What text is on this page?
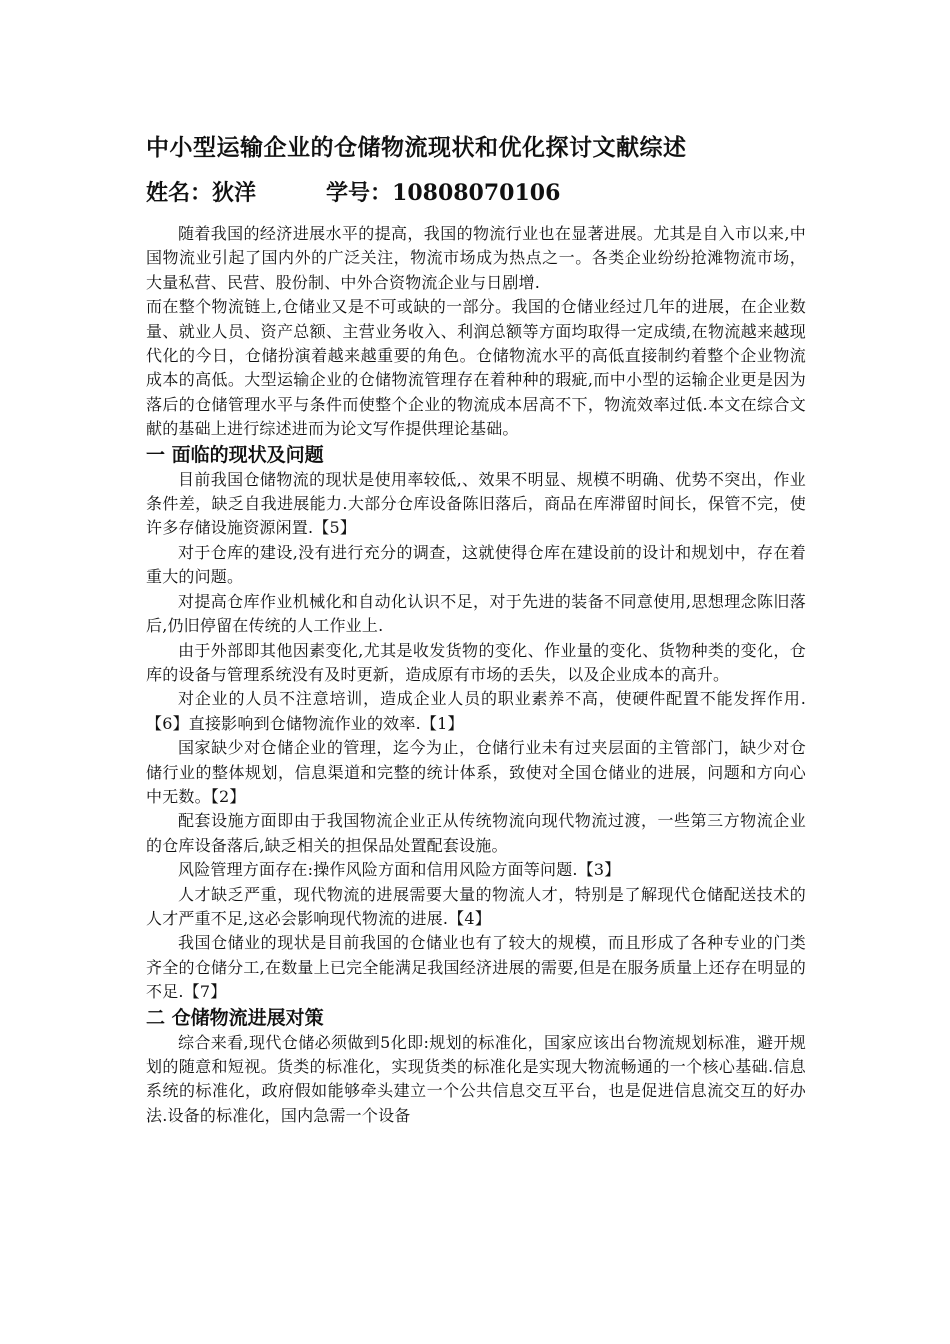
中小型运输企业的仓储物流现状和优化探讨文献综述
姓名：狄洋	学号：10808070106

随着我国的经济进展水平的提高，我国的物流行业也在显著进展。尤其是自入市以来,中国物流业引起了国内外的广泛关注，物流市场成为热点之一。各类企业纷纷抢滩物流市场，大量私营、民营、股份制、中外合资物流企业与日剧增.

而在整个物流链上,仓储业又是不可或缺的一部分。我国的仓储业经过几年的进展，在企业数量、就业人员、资产总额、主营业务收入、利润总额等方面均取得一定成绩,在物流越来越现代化的今日，仓储扮演着越来越重要的角色。仓储物流水平的高低直接制约着整个企业物流成本的高低。大型运输企业的仓储物流管理存在着种种的瑕疵,而中小型的运输企业更是因为落后的仓储管理水平与条件而使整个企业的物流成本居高不下，物流效率过低.本文在综合文献的基础上进行综述进而为论文写作提供理论基础。

一 面临的现状及问题

目前我国仓储物流的现状是使用率较低,、效果不明显、规模不明确、优势不突出，作业条件差，缺乏自我进展能力.大部分仓库设备陈旧落后，商品在库滞留时间长，保管不完，使许多存储设施资源闲置.【5】

对于仓库的建设,没有进行充分的调查，这就使得仓库在建设前的设计和规划中，存在着重大的问题。

对提高仓库作业机械化和自动化认识不足，对于先进的装备不同意使用,思想理念陈旧落后,仍旧停留在传统的人工作业上.

由于外部即其他因素变化,尤其是收发货物的变化、作业量的变化、货物种类的变化，仓库的设备与管理系统没有及时更新，造成原有市场的丢失，以及企业成本的高升。

对企业的人员不注意培训，造成企业人员的职业素养不高，使硬件配置不能发挥作用.【6】直接影响到仓储物流作业的效率.【1】

国家缺少对仓储企业的管理，迄今为止，仓储行业未有过夹层面的主管部门，缺少对仓储行业的整体规划，信息渠道和完整的统计体系，致使对全国仓储业的进展，问题和方向心中无数。【2】

配套设施方面即由于我国物流企业正从传统物流向现代物流过渡，一些第三方物流企业的仓库设备落后,缺乏相关的担保品处置配套设施。

风险管理方面存在:操作风险方面和信用风险方面等问题.【3】

人才缺乏严重，现代物流的进展需要大量的物流人才，特别是了解现代仓储配送技术的人才严重不足,这必会影响现代物流的进展.【4】

我国仓储业的现状是目前我国的仓储业也有了较大的规模，而且形成了各种专业的门类齐全的仓储分工,在数量上已完全能满足我国经济进展的需要,但是在服务质量上还存在明显的不足.【7】

二 仓储物流进展对策

综合来看,现代仓储必须做到5化即:规划的标准化，国家应该出台物流规划标准，避开规划的随意和短视。货类的标准化，实现货类的标准化是实现大物流畅通的一个核心基础.信息系统的标准化，政府假如能够牵头建立一个公共信息交互平台，也是促进信息流交互的好办法.设备的标准化，国内急需一个设备
